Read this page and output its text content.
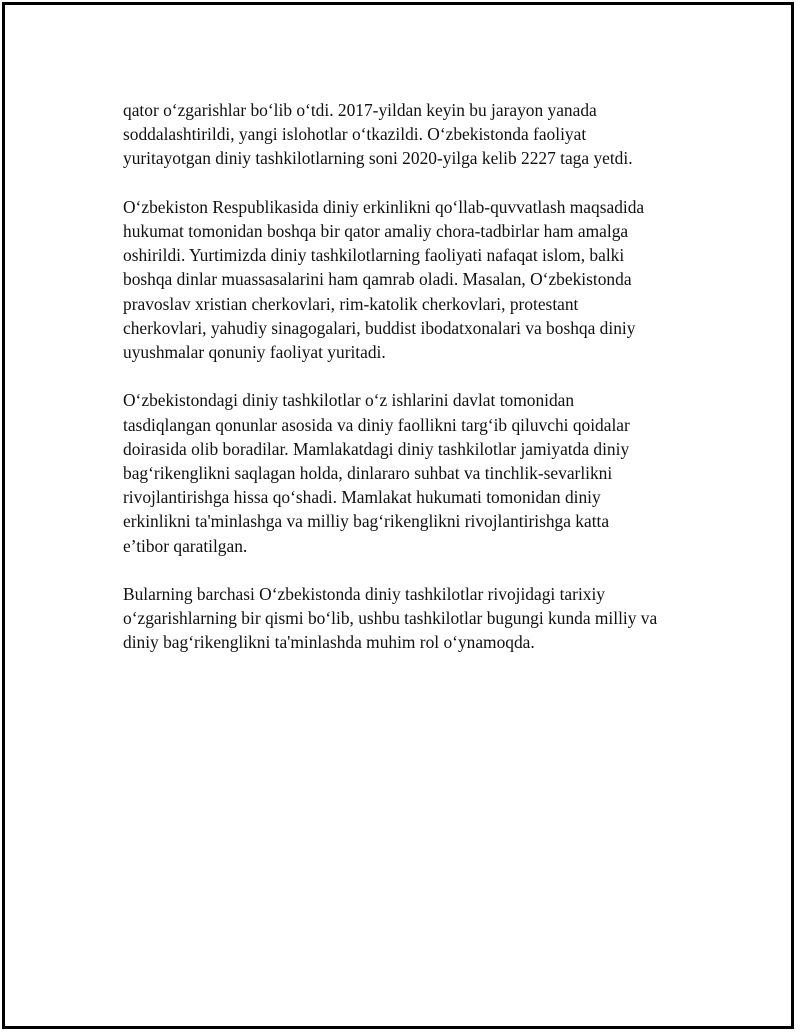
qator o‘zgarishlar bo‘lib o‘tdi. 2017-yildan keyin bu jarayon yanada
soddalashtirildi, yangi islohotlar o‘tkazildi. O‘zbekistonda faoliyat
yuritayotgan diniy tashkilotlarning soni 2020-yilga kelib 2227 taga yetdi.

O‘zbekiston Respublikasida diniy erkinlikni qo‘llab-quvvatlash maqsadida
hukumat tomonidan boshqa bir qator amaliy chora-tadbirlar ham amalga
oshirildi. Yurtimizda diniy tashkilotlarning faoliyati nafaqat islom, balki
boshqa dinlar muassasalarini ham qamrab oladi. Masalan, O‘zbekistonda
pravoslav xristian cherkovlari, rim-katolik cherkovlari, protestant
cherkovlari, yahudiy sinagogalari, buddist ibodatxonalari va boshqa diniy
uyushmalar qonuniy faoliyat yuritadi.

O‘zbekistondagi diniy tashkilotlar o‘z ishlarini davlat tomonidan
tasdiqlangan qonunlar asosida va diniy faollikni targ‘ib qiluvchi qoidalar
doirasida olib boradilar. Mamlakatdagi diniy tashkilotlar jamiyatda diniy
bag‘rikenglikni saqlagan holda, dinlararo suhbat va tinchlik-sevarlikni
rivojlantirishga hissa qo‘shadi. Mamlakat hukumati tomonidan diniy
erkinlikni ta'minlashga va milliy bag‘rikenglikni rivojlantirishga katta
e’tibor qaratilgan.

Bularning barchasi O‘zbekistonda diniy tashkilotlar rivojidagi tarixiy
o‘zgarishlarning bir qismi bo‘lib, ushbu tashkilotlar bugungi kunda milliy va
diniy bag‘rikenglikni ta'minlashda muhim rol o‘ynamoqda.
